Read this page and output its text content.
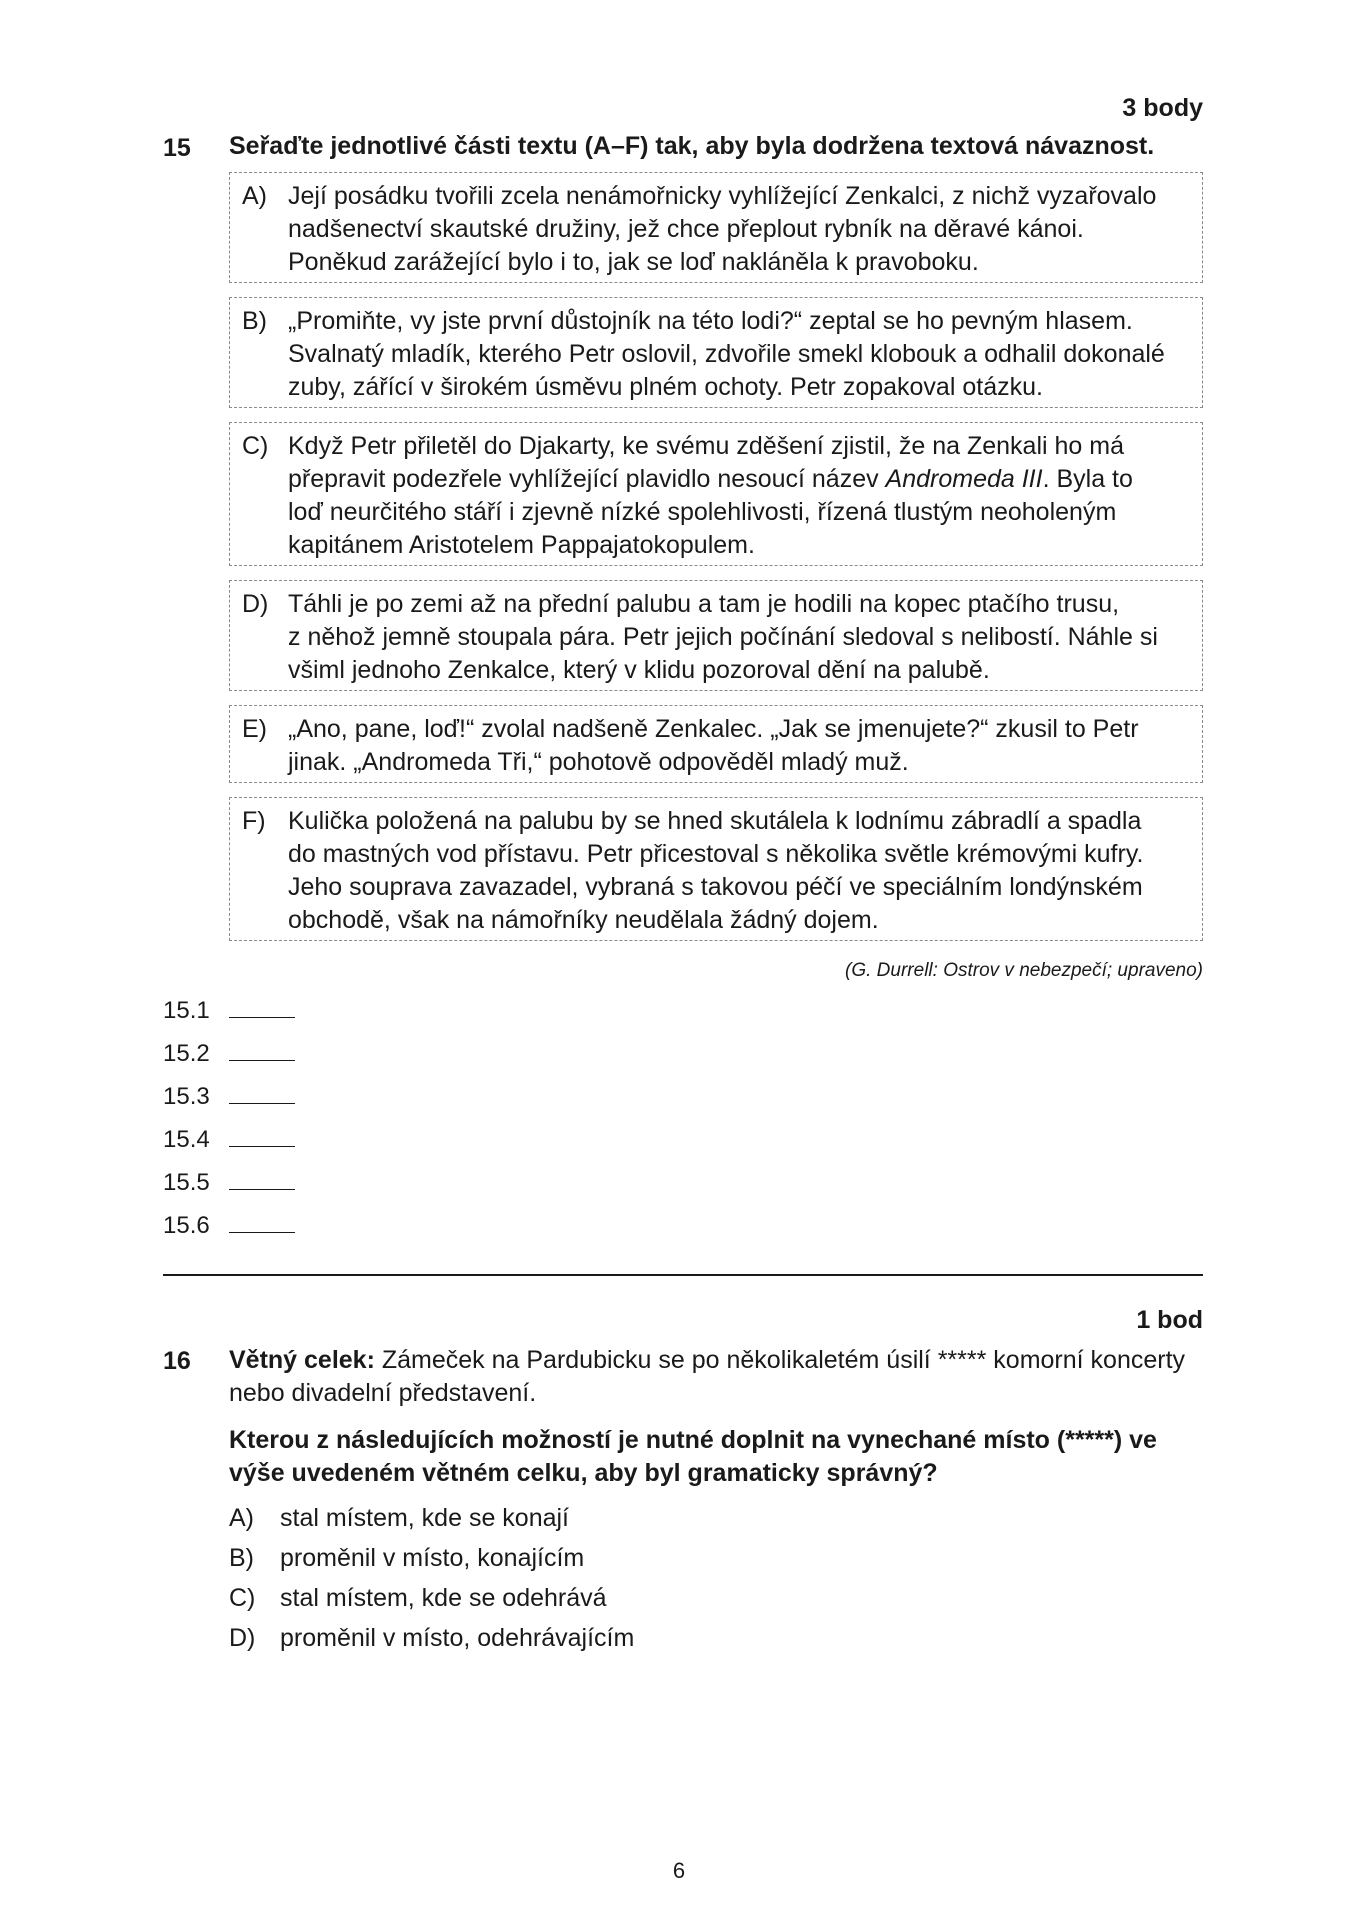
3 body
15 Seřaďte jednotlivé části textu (A–F) tak, aby byla dodržena textová návaznost.
A) Její posádku tvořili zcela nenámořnicky vyhlížející Zenkalci, z nichž vyzařovalo
nadšenectví skautské družiny, jež chce přeplout rybník na děravé kánoi.
Poněkud zarážející bylo i to, jak se loď nakláněla k pravoboku.
B) „Promiňte, vy jste první důstojník na této lodi?“ zeptal se ho pevným hlasem.
Svalnatý mladík, kterého Petr oslovil, zdvořile smekl klobouk a odhalil dokonalé
zuby, zářící v širokém úsměvu plném ochoty. Petr zopakoval otázku.
C) Když Petr přiletěl do Djakarty, ke svému zděšení zjistil, že na Zenkali ho má
přepravit podezřele vyhlížející plavidlo nesoucí název Andromeda III. Byla to
loď neurčitého stáří i zjevně nízké spolehlivosti, řízená tlustým neoholeným
kapitánem Aristotelem Pappajatokopulem.
D) Táhli je po zemi až na přední palubu a tam je hodili na kopec ptačího trusu,
z něhož jemně stoupala pára. Petr jejich počínání sledoval s nelibostí. Náhle si
všiml jednoho Zenkalce, který v klidu pozoroval dění na palubě.
E) „Ano, pane, loď!“ zvolal nadšeně Zenkalec. „Jak se jmenujete?“ zkusil to Petr
jinak. „Andromeda Tři,“ pohotově odpověděl mladý muž.
F) Kulička položená na palubu by se hned skutálela k lodnímu zábradlí a spadla
do mastných vod přístavu. Petr přicestoval s několika světle krémovými kufry.
Jeho souprava zavazadel, vybraná s takovou péčí ve speciálním londýnském
obchodě, však na námořníky neudělala žádný dojem.
(G. Durrell: Ostrov v nebezpečí; upraveno)
15.1
15.2
15.3
15.4
15.5
15.6
1 bod
16 Větný celek: Zámeček na Pardubicku se po několikaletém úsilí ***** komorní koncerty nebo divadelní představení.
Kterou z následujících možností je nutné doplnit na vynechané místo (*****) ve výše uvedeném větném celku, aby byl gramaticky správný?
A) stal místem, kde se konají
B) proměnil v místo, konajícím
C) stal místem, kde se odehrává
D) proměnil v místo, odehrávajícím
6
